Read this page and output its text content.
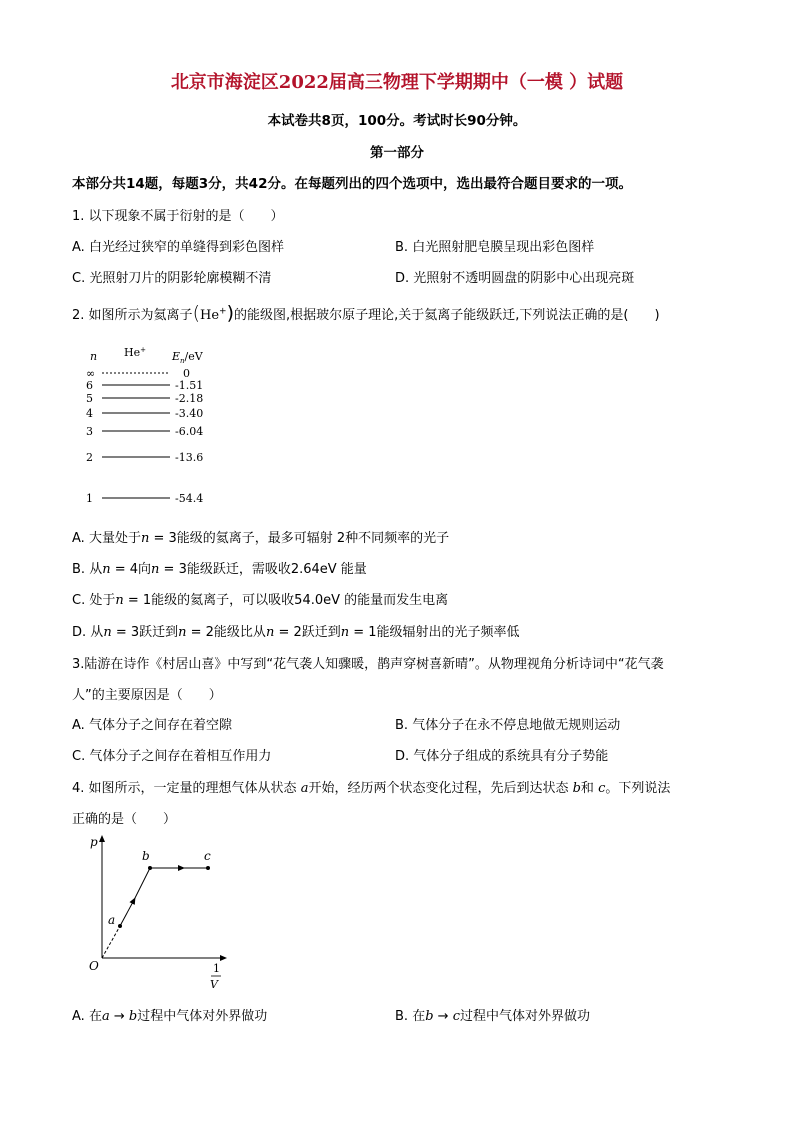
北京市海淀区2022届高三物理下学期期中（一模 ）试题
本试卷共8页，100分。考试时长90分钟。
第一部分
本部分共14题，每题3分，共42分。在每题列出的四个选项中，选出最符合题目要求的一项。
1. 以下现象不属于衍射的是（　　）
A. 白光经过狭窄的单缝得到彩色图样	B. 白光照射肥皂膜呈现出彩色图样
C. 光照射刀片的阴影轮廓模糊不清	D. 光照射不透明圆盘的阴影中心出现亮斑
2. 如图所示为氦离子(He+)的能级图,根据玻尔原子理论,关于氦离子能级跃迁,下列说法正确的是(　　)
n He+ $E_n/eV$
∞	0
6	-1.51
5	-2.18
4	-3.40
3	-6.04
2	-13.6
1	-54.4
A. 大量处于n = 3能级的氦离子，最多可辐射 2种不同频率的光子
B. 从n = 4向n = 3能级跃迁，需吸收2.64eV 能量
C. 处于n = 1能级的氦离子，可以吸收54.0eV 的能量而发生电离
D. 从n = 3跃迁到n = 2能级比从n = 2跃迁到n = 1能级辐射出的光子频率低
3.陆游在诗作《村居山喜》中写到“花气袭人知骤暖，鹊声穿树喜新晴”。从物理视角分析诗词中“花气袭
人”的主要原因是（　　）
A. 气体分子之间存在着空隙	B. 气体分子在永不停息地做无规则运动
C. 气体分子之间存在着相互作用力	D. 气体分子组成的系统具有分子势能
4. 如图所示，一定量的理想气体从状态 a开始，经历两个状态变化过程，先后到达状态 b和 c。下列说法
正确的是（　　）
p
O	1
V
a
b	c
A. 在a → b过程中气体对外界做功	B. 在b → c过程中气体对外界做功
